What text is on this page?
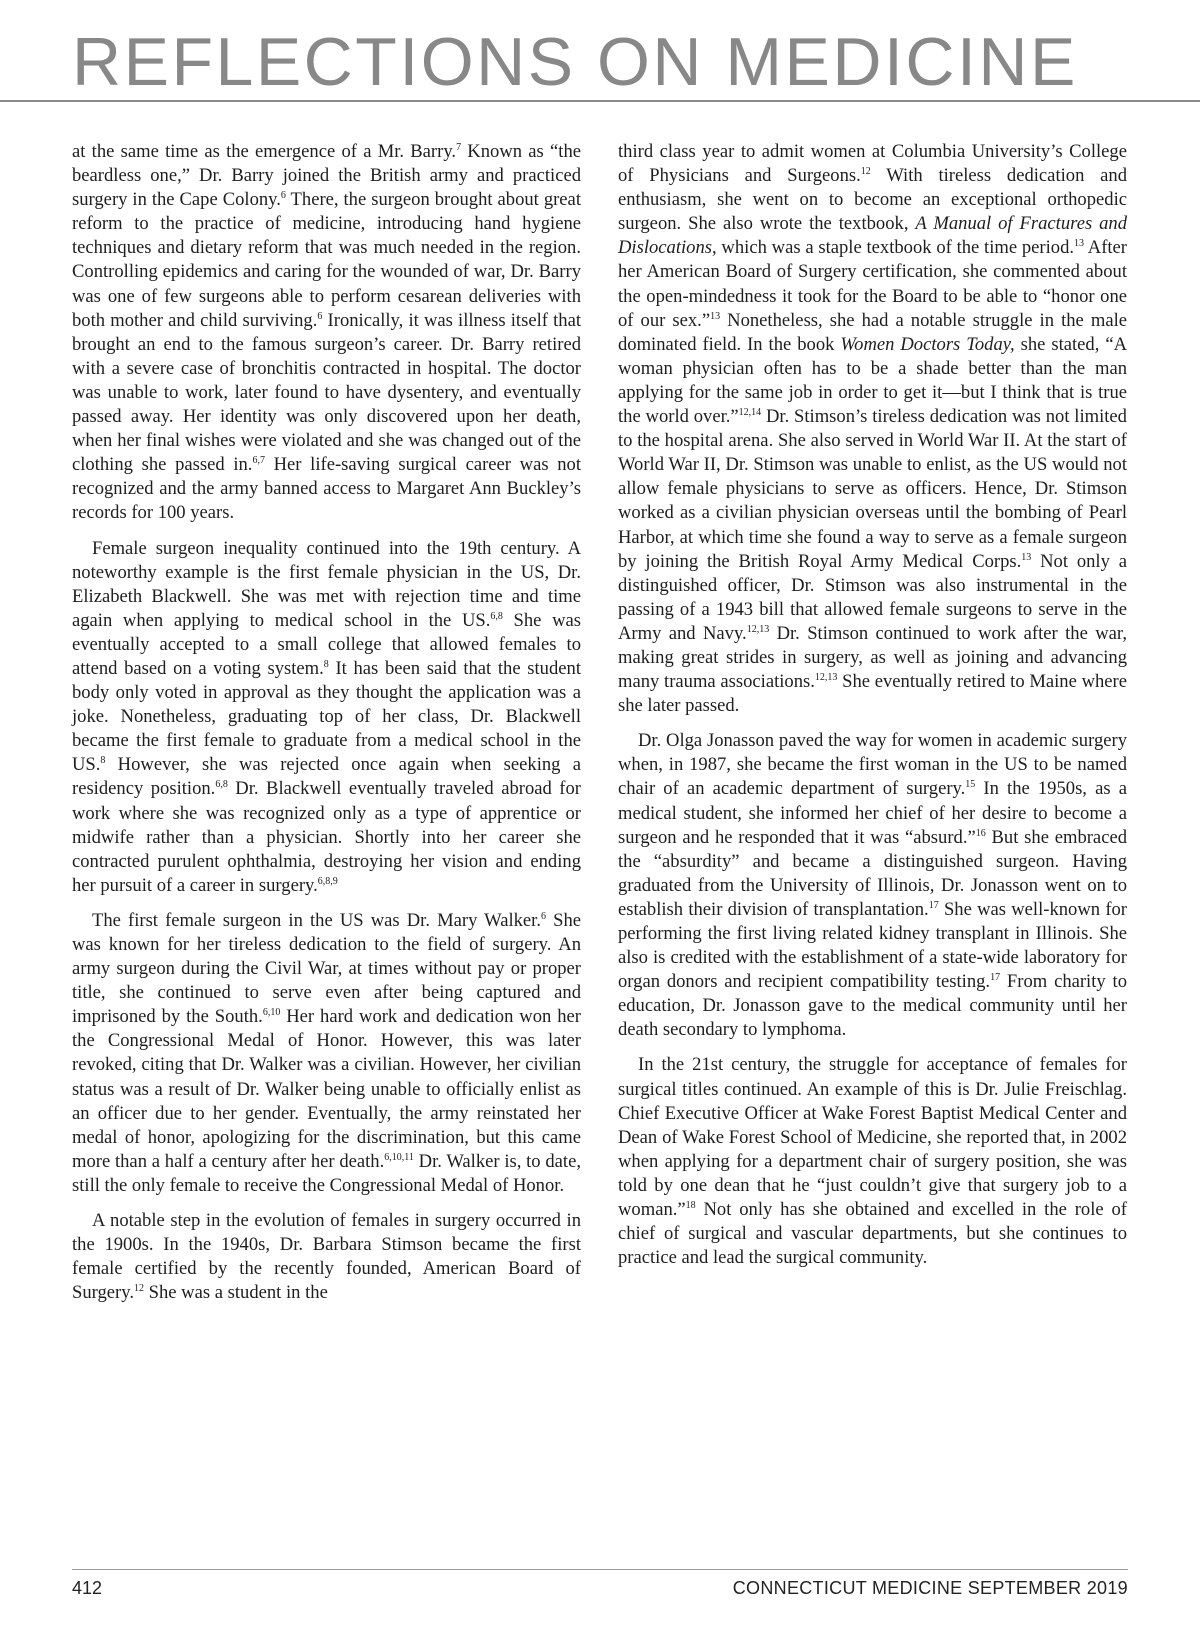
REFLECTIONS ON MEDICINE

at the same time as the emergence of a Mr. Barry.$^7$ Known as “the beardless one,” Dr. Barry joined the British army and practiced surgery in the Cape Colony.$^6$ There, the surgeon brought about great reform to the practice of medicine, introducing hand hygiene techniques and dietary reform that was much needed in the region. Controlling epidemics and caring for the wounded of war, Dr. Barry was one of few surgeons able to perform cesarean deliveries with both mother and child surviving.$^6$ Ironically, it was illness itself that brought an end to the famous surgeon’s career. Dr. Barry retired with a severe case of bronchitis contracted in hospital. The doctor was unable to work, later found to have dysentery, and eventually passed away. Her identity was only discovered upon her death, when her final wishes were violated and she was changed out of the clothing she passed in.$^{6,7}$ Her life-saving surgical career was not recognized and the army banned access to Margaret Ann Buckley’s records for 100 years.

Female surgeon inequality continued into the 19th century. A noteworthy example is the first female physician in the US, Dr. Elizabeth Blackwell. She was met with rejection time and time again when applying to medical school in the US.$^{6,8}$ She was eventually accepted to a small college that allowed females to attend based on a voting system.$^8$ It has been said that the student body only voted in approval as they thought the application was a joke. Nonetheless, graduating top of her class, Dr. Blackwell became the first female to graduate from a medical school in the US.$^8$ However, she was rejected once again when seeking a residency position.$^{6,8}$ Dr. Blackwell eventually traveled abroad for work where she was recognized only as a type of apprentice or midwife rather than a physician. Shortly into her career she contracted purulent ophthalmia, destroying her vision and ending her pursuit of a career in surgery.$^{6,8,9}$

The first female surgeon in the US was Dr. Mary Walker.$^6$ She was known for her tireless dedication to the field of surgery. An army surgeon during the Civil War, at times without pay or proper title, she continued to serve even after being captured and imprisoned by the South.$^{6,10}$ Her hard work and dedication won her the Congressional Medal of Honor. However, this was later revoked, citing that Dr. Walker was a civilian. However, her civilian status was a result of Dr. Walker being unable to officially enlist as an officer due to her gender. Eventually, the army reinstated her medal of honor, apologizing for the discrimination, but this came more than a half a century after her death.$^{6,10,11}$ Dr. Walker is, to date, still the only female to receive the Congressional Medal of Honor.

A notable step in the evolution of females in surgery occurred in the 1900s. In the 1940s, Dr. Barbara Stimson became the first female certified by the recently founded, American Board of Surgery.$^{12}$ She was a student in the

third class year to admit women at Columbia University’s College of Physicians and Surgeons.$^{12}$ With tireless dedication and enthusiasm, she went on to become an exceptional orthopedic surgeon. She also wrote the textbook, A Manual of Fractures and Dislocations, which was a staple textbook of the time period.$^{13}$ After her American Board of Surgery certification, she commented about the open-mindedness it took for the Board to be able to “honor one of our sex.”$^{13}$ Nonetheless, she had a notable struggle in the male dominated field. In the book Women Doctors Today, she stated, “A woman physician often has to be a shade better than the man applying for the same job in order to get it—but I think that is true the world over.”$^{12,14}$ Dr. Stimson’s tireless dedication was not limited to the hospital arena. She also served in World War II. At the start of World War II, Dr. Stimson was unable to enlist, as the US would not allow female physicians to serve as officers. Hence, Dr. Stimson worked as a civilian physician overseas until the bombing of Pearl Harbor, at which time she found a way to serve as a female surgeon by joining the British Royal Army Medical Corps.$^{13}$ Not only a distinguished officer, Dr. Stimson was also instrumental in the passing of a 1943 bill that allowed female surgeons to serve in the Army and Navy.$^{12,13}$ Dr. Stimson continued to work after the war, making great strides in surgery, as well as joining and advancing many trauma associations.$^{12,13}$ She eventually retired to Maine where she later passed.

Dr. Olga Jonasson paved the way for women in academic surgery when, in 1987, she became the first woman in the US to be named chair of an academic department of surgery.$^{15}$ In the 1950s, as a medical student, she informed her chief of her desire to become a surgeon and he responded that it was “absurd.”$^{16}$ But she embraced the “absurdity” and became a distinguished surgeon. Having graduated from the University of Illinois, Dr. Jonasson went on to establish their division of transplantation.$^{17}$ She was well-known for performing the first living related kidney transplant in Illinois. She also is credited with the establishment of a state-wide laboratory for organ donors and recipient compatibility testing.$^{17}$ From charity to education, Dr. Jonasson gave to the medical community until her death secondary to lymphoma.

In the 21st century, the struggle for acceptance of females for surgical titles continued. An example of this is Dr. Julie Freischlag. Chief Executive Officer at Wake Forest Baptist Medical Center and Dean of Wake Forest School of Medicine, she reported that, in 2002 when applying for a department chair of surgery position, she was told by one dean that he “just couldn’t give that surgery job to a woman.”$^{18}$ Not only has she obtained and excelled in the role of chief of surgical and vascular departments, but she continues to practice and lead the surgical community.

412	CONNECTICUT MEDICINE SEPTEMBER 2019
